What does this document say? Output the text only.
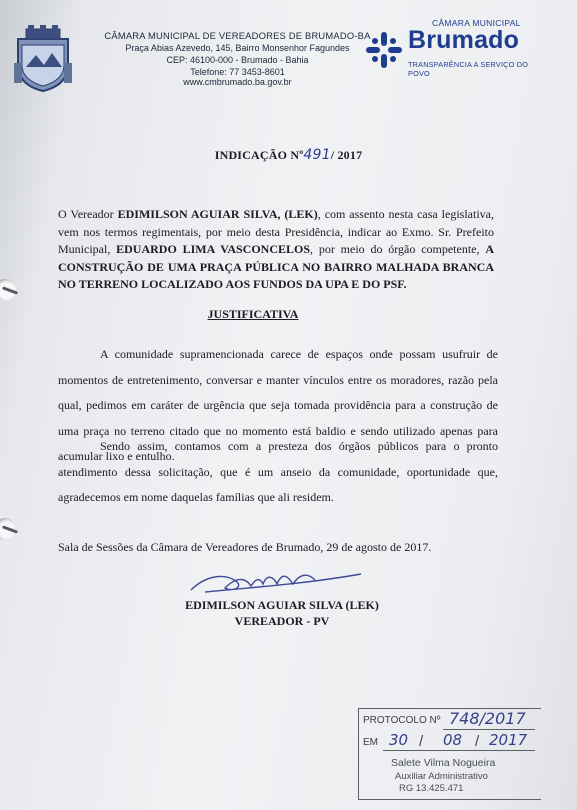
CÂMARA MUNICIPAL DE VEREADORES DE BRUMADO-BA
Praça Abias Azevedo, 145, Bairro Monsenhor Fagundes
CEP: 46100-000 - Brumado - Bahia
Telefone: 77 3453-8601
www.cmbrumado.ba.gov.br
CÂMARA MUNICIPAL
Brumado
TRANSPARÊNCIA A SERVIÇO DO POVO
INDICAÇÃO Nº491/ 2017
O Vereador EDIMILSON AGUIAR SILVA, (LEK), com assento nesta casa legislativa, vem nos termos regimentais, por meio desta Presidência, indicar ao Exmo. Sr. Prefeito Municipal, EDUARDO LIMA VASCONCELOS, por meio do órgão competente, A CONSTRUÇÃO DE UMA PRAÇA PÚBLICA NO BAIRRO MALHADA BRANCA NO TERRENO LOCALIZADO AOS FUNDOS DA UPA E DO PSF.
JUSTIFICATIVA
A comunidade supramencionada carece de espaços onde possam usufruir de momentos de entretenimento, conversar e manter vínculos entre os moradores, razão pela qual, pedimos em caráter de urgência que seja tomada providência para a construção de uma praça no terreno citado que no momento está baldio e sendo utilizado apenas para acumular lixo e entulho.
Sendo assim, contamos com a presteza dos órgãos públicos para o pronto atendimento dessa solicitação, que é um anseio da comunidade, oportunidade que, agradecemos em nome daquelas famílias que ali residem.
Sala de Sessões da Câmara de Vereadores de Brumado, 29 de agosto de 2017.
EDIMILSON AGUIAR SILVA (LEK)
VEREADOR - PV
PROTOCOLO Nº 748/2017
EM 30 / 08 / 2017
Salete Vilma Nogueira
Auxiliar Administrativo
RG 13.425.471
